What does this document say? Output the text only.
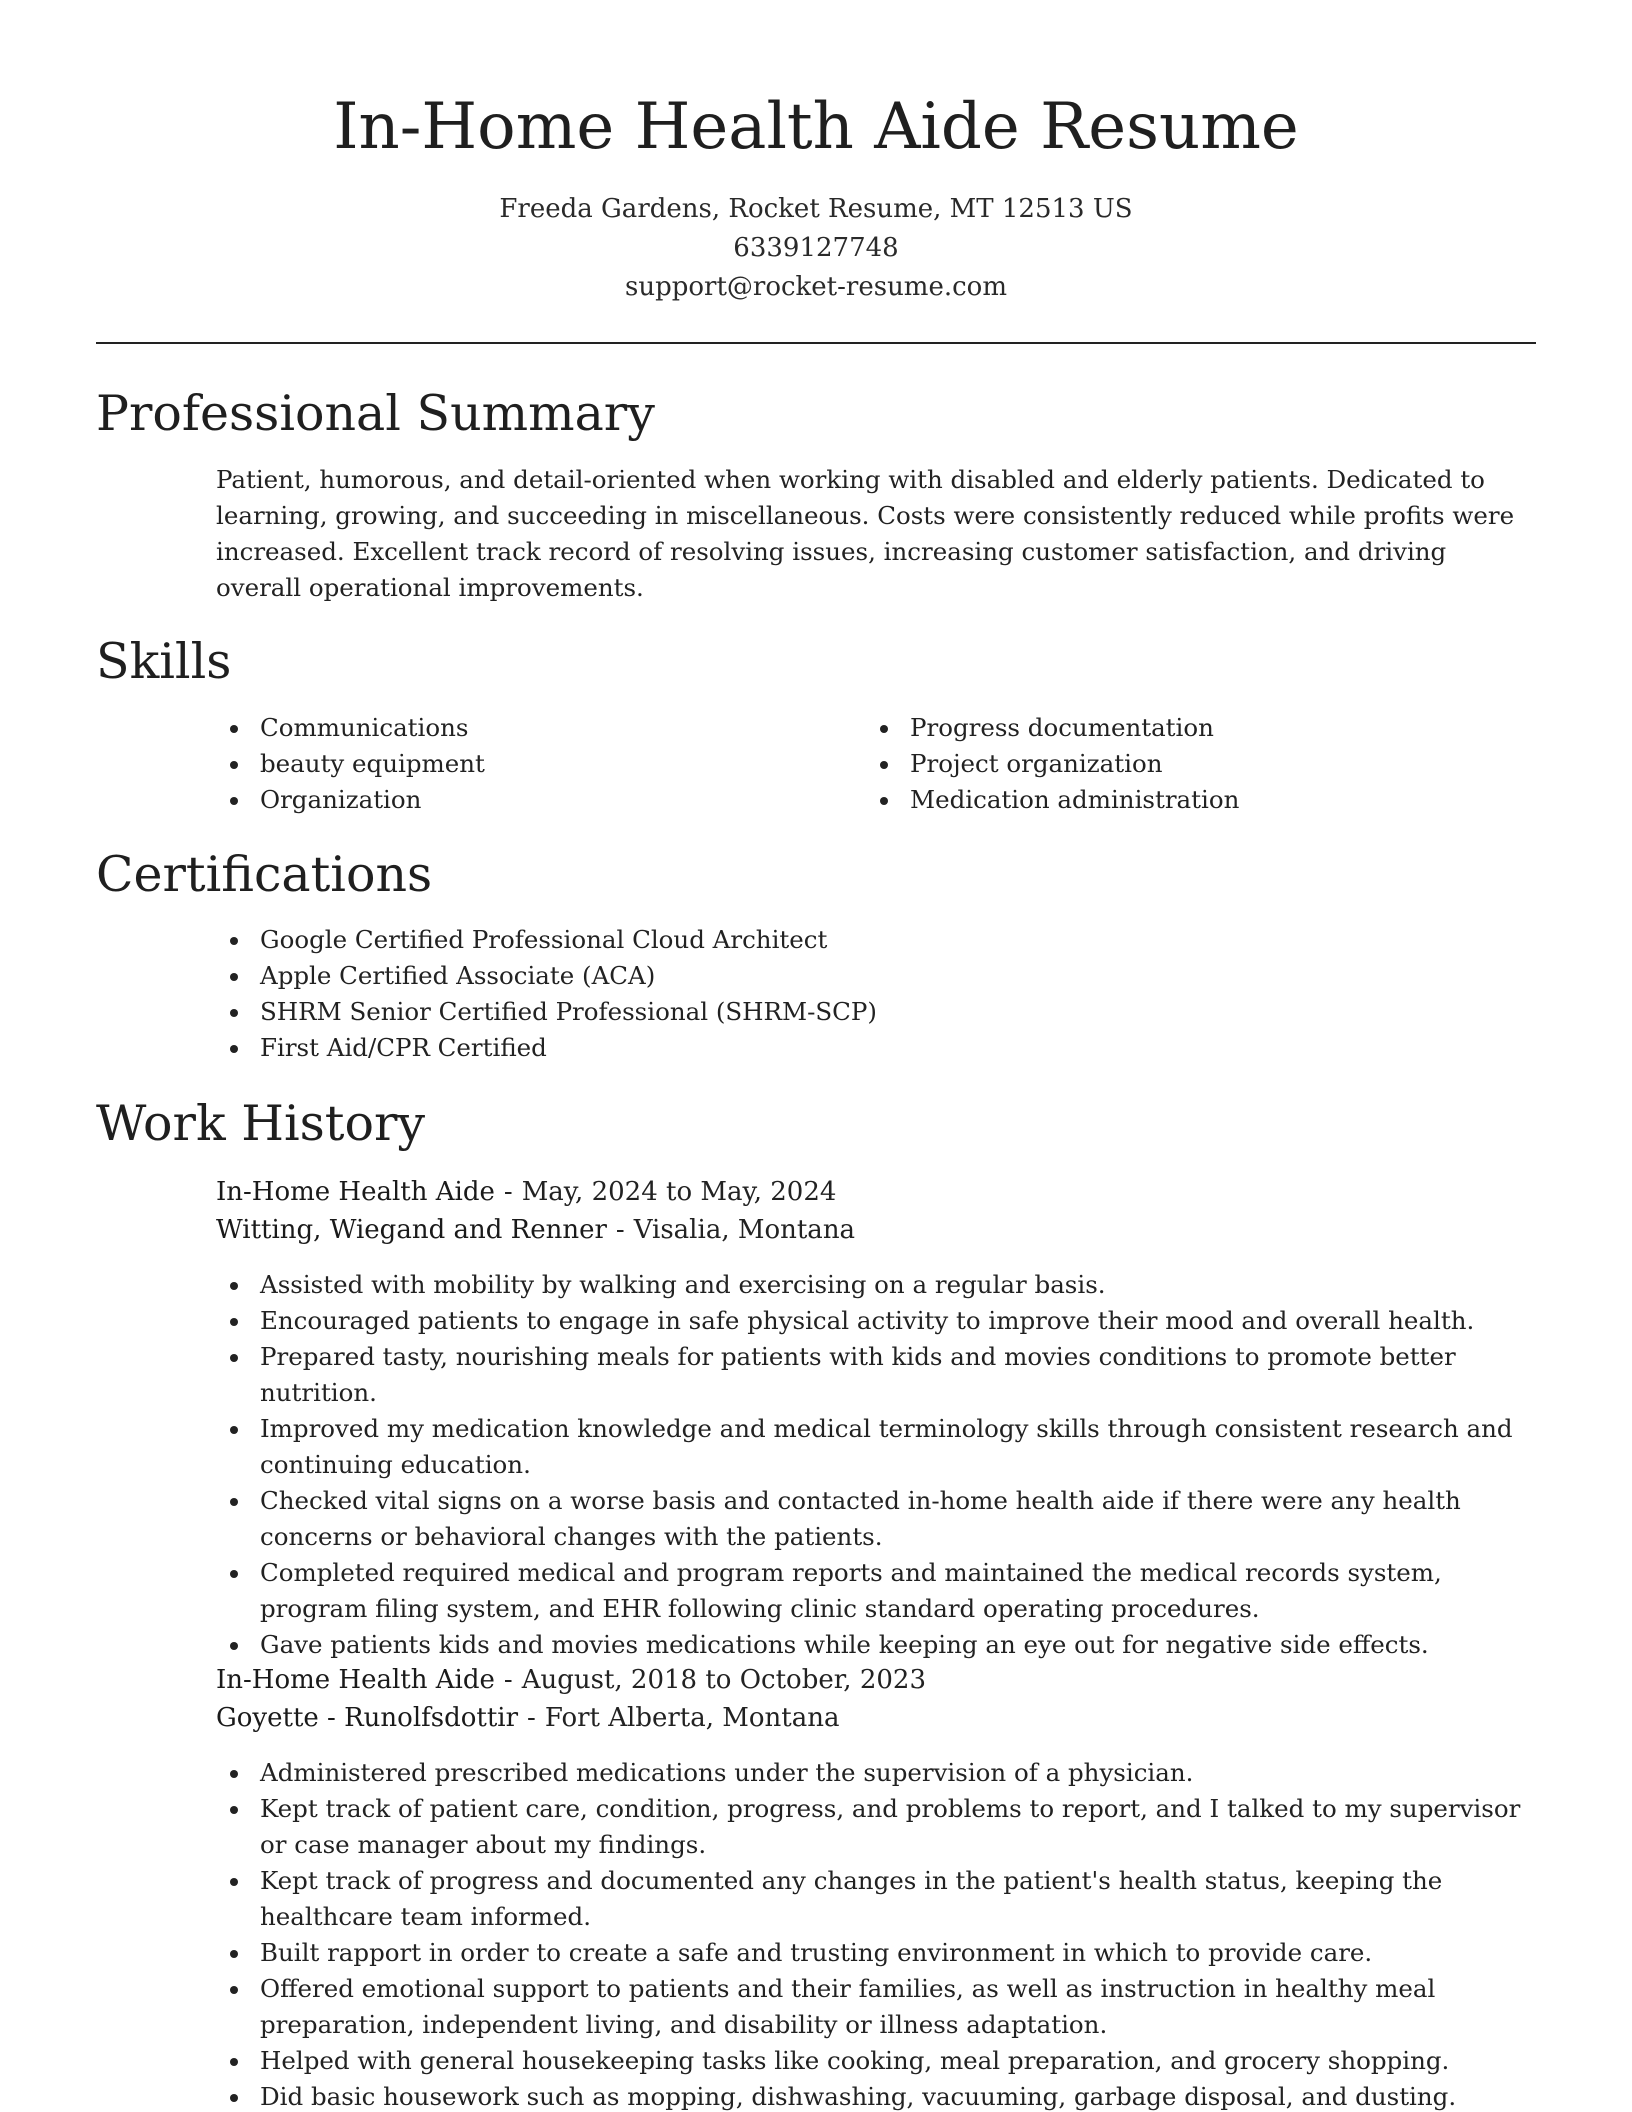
In-Home Health Aide Resume
Freeda Gardens, Rocket Resume, MT 12513 US
6339127748
support@rocket-resume.com
Professional Summary

Patient, humorous, and detail-oriented when working with disabled and elderly patients. Dedicated to learning, growing, and succeeding in miscellaneous. Costs were consistently reduced while profits were increased. Excellent track record of resolving issues, increasing customer satisfaction, and driving overall operational improvements.

Skills
Communications
beauty equipment
Organization
Progress documentation
Project organization
Medication administration
Certifications
Google Certified Professional Cloud Architect
Apple Certified Associate (ACA)
SHRM Senior Certified Professional (SHRM-SCP)
First Aid/CPR Certified
Work History
In-Home Health Aide - May, 2024 to May, 2024
Witting, Wiegand and Renner - Visalia, Montana
Assisted with mobility by walking and exercising on a regular basis.
Encouraged patients to engage in safe physical activity to improve their mood and overall health.
Prepared tasty, nourishing meals for patients with kids and movies conditions to promote better nutrition.
Improved my medication knowledge and medical terminology skills through consistent research and continuing education.
Checked vital signs on a worse basis and contacted in-home health aide if there were any health concerns or behavioral changes with the patients.
Completed required medical and program reports and maintained the medical records system, program filing system, and EHR following clinic standard operating procedures.
Gave patients kids and movies medications while keeping an eye out for negative side effects.
In-Home Health Aide - August, 2018 to October, 2023
Goyette - Runolfsdottir - Fort Alberta, Montana
Administered prescribed medications under the supervision of a physician.
Kept track of patient care, condition, progress, and problems to report, and I talked to my supervisor or case manager about my findings.
Kept track of progress and documented any changes in the patient's health status, keeping the healthcare team informed.
Built rapport in order to create a safe and trusting environment in which to provide care.
Offered emotional support to patients and their families, as well as instruction in healthy meal preparation, independent living, and disability or illness adaptation.
Helped with general housekeeping tasks like cooking, meal preparation, and grocery shopping.
Did basic housework such as mopping, dishwashing, vacuuming, garbage disposal, and dusting.
